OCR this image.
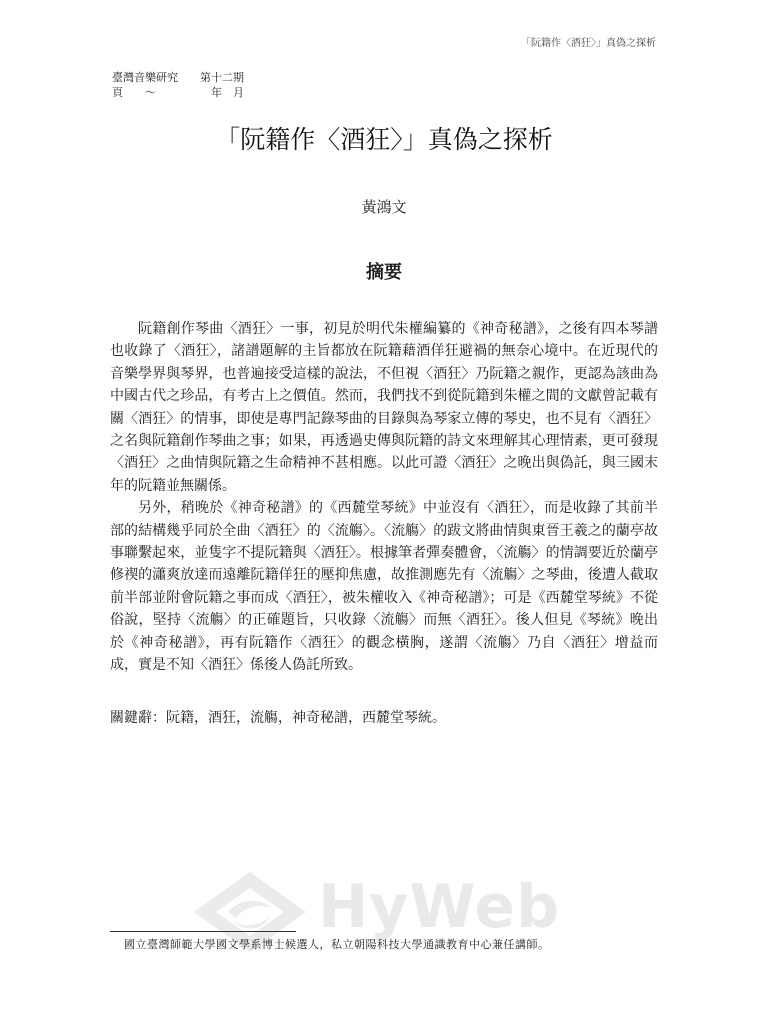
「阮籍作〈酒狂〉」真偽之探析
臺灣音樂研究　　第十二期
頁　　～　　　　　年　月
「阮籍作〈酒狂〉」真偽之探析
黃鴻文
摘要

阮籍創作琴曲〈酒狂〉一事，初見於明代朱權編纂的《神奇秘譜》，之後有四本琴譜也收錄了〈酒狂〉，諸譜題解的主旨都放在阮籍藉酒佯狂避禍的無奈心境中。在近現代的音樂學界與琴界，也普遍接受這樣的說法，不但視〈酒狂〉乃阮籍之親作，更認為該曲為中國古代之珍品，有考古上之價值。然而，我們找不到從阮籍到朱權之間的文獻曾記載有關〈酒狂〉的情事，即使是專門記錄琴曲的目錄與為琴家立傳的琴史，也不見有〈酒狂〉之名與阮籍創作琴曲之事；如果，再透過史傳與阮籍的詩文來理解其心理情素，更可發現〈酒狂〉之曲情與阮籍之生命精神不甚相應。以此可證〈酒狂〉之晚出與偽託，與三國末年的阮籍並無關係。

另外，稍晚於《神奇秘譜》的《西麓堂琴統》中並沒有〈酒狂〉，而是收錄了其前半部的結構幾乎同於全曲〈酒狂〉的〈流觴〉。〈流觴〉的跋文將曲情與東晉王羲之的蘭亭故事聯繫起來，並隻字不提阮籍與〈酒狂〉。根據筆者彈奏體會，〈流觴〉的情調要近於蘭亭修禊的瀟爽放達而遠離阮籍佯狂的壓抑焦慮，故推測應先有〈流觴〉之琴曲，後遭人截取前半部並附會阮籍之事而成〈酒狂〉，被朱權收入《神奇秘譜》；可是《西麓堂琴統》不從俗說，堅持〈流觴〉的正確題旨，只收錄〈流觴〉而無〈酒狂〉。後人但見《琴統》晚出於《神奇秘譜》，再有阮籍作〈酒狂〉的觀念橫胸，遂謂〈流觴〉乃自〈酒狂〉增益而成，實是不知〈酒狂〉係後人偽託所致。

關鍵辭：阮籍，酒狂，流觴，神奇秘譜，西麓堂琴統。
HyWeb
國立臺灣師範大學國文學系博士候選人，私立朝陽科技大學通識教育中心兼任講師。
